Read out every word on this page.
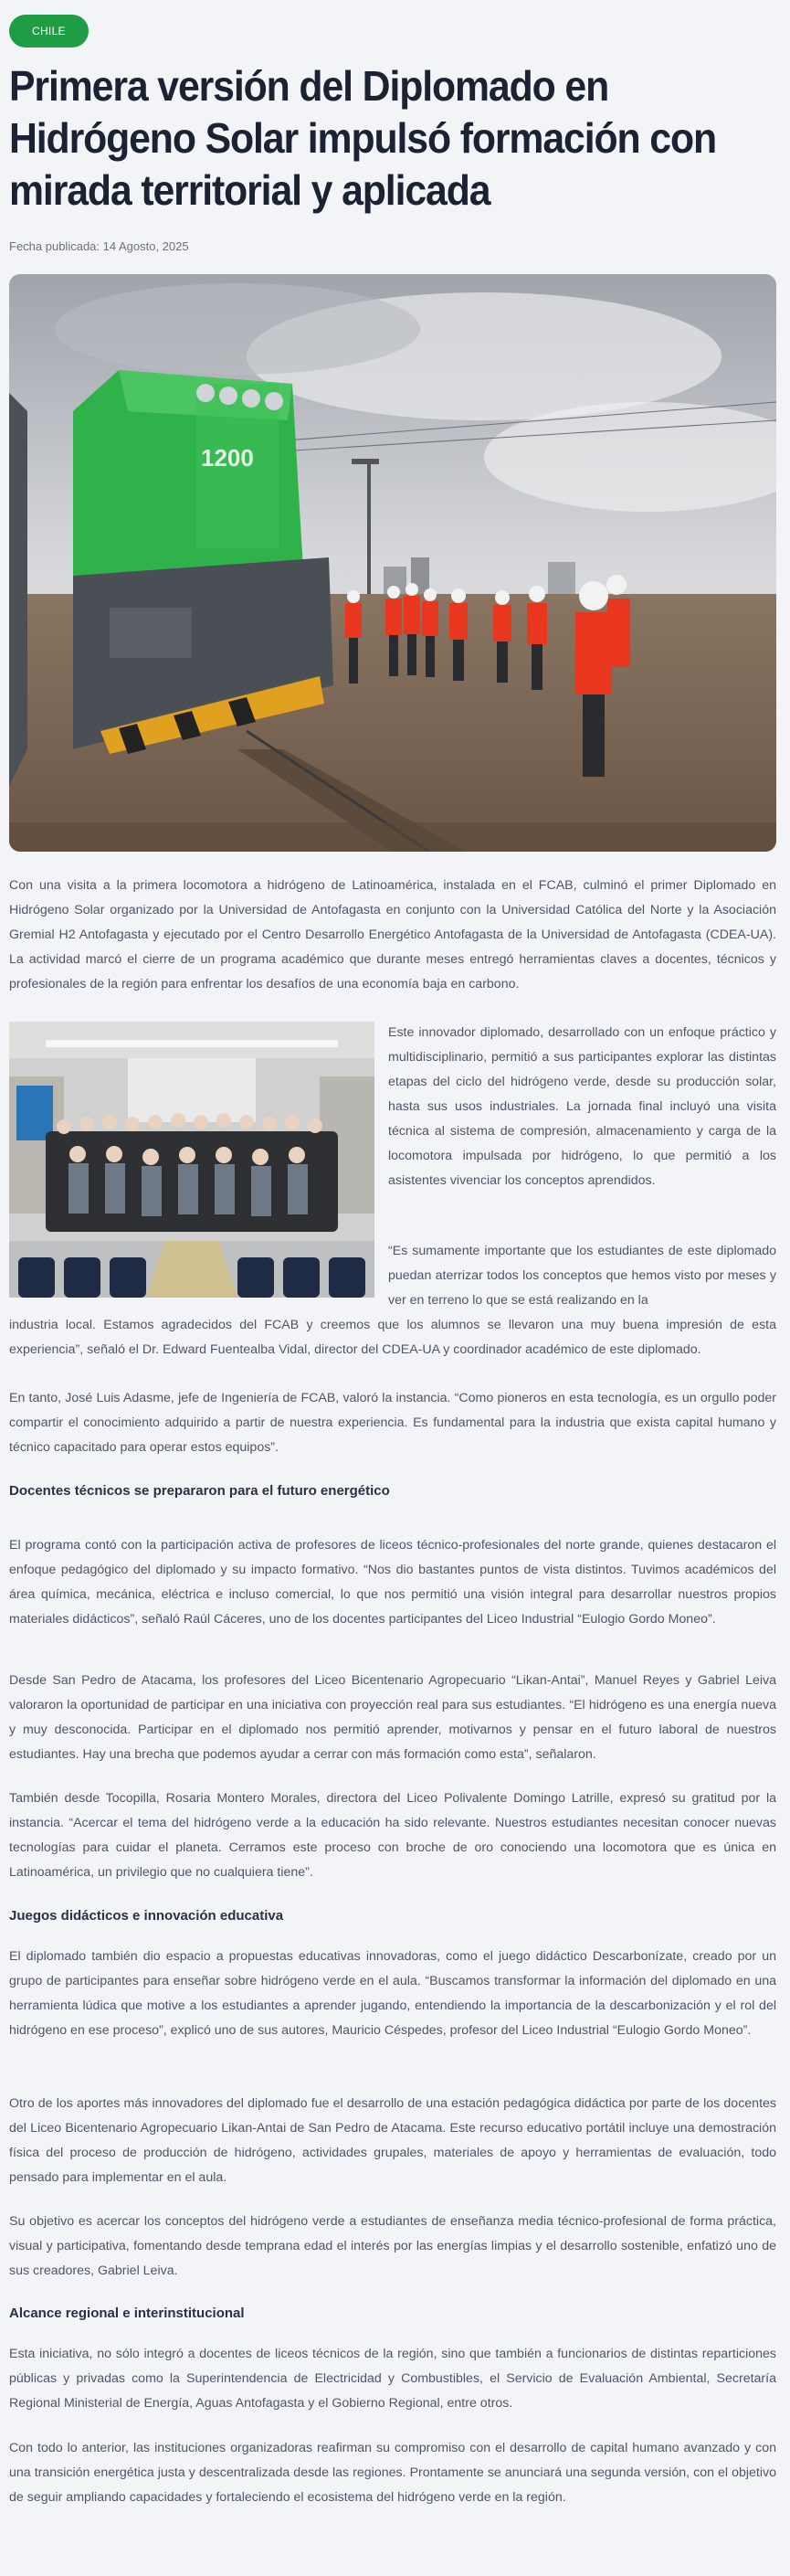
CHILE
Primera versión del Diplomado en Hidrógeno Solar impulsó formación con mirada territorial y aplicada
Fecha publicada: 14 Agosto, 2025
1200

Con una visita a la primera locomotora a hidrógeno de Latinoamérica, instalada en el FCAB, culminó el primer Diplomado en Hidrógeno Solar organizado por la Universidad de Antofagasta en conjunto con la Universidad Católica del Norte y la Asociación Gremial H2 Antofagasta y ejecutado por el Centro Desarrollo Energético Antofagasta de la Universidad de Antofagasta (CDEA-UA). La actividad marcó el cierre de un programa académico que durante meses entregó herramientas claves a docentes, técnicos y profesionales de la región para enfrentar los desafíos de una economía baja en carbono.

Este innovador diplomado, desarrollado con un enfoque práctico y multidisciplinario, permitió a sus participantes explorar las distintas etapas del ciclo del hidrógeno verde, desde su producción solar, hasta sus usos industriales. La jornada final incluyó una visita técnica al sistema de compresión, almacenamiento y carga de la locomotora impulsada por hidrógeno, lo que permitió a los asistentes vivenciar los conceptos aprendidos.

“Es sumamente importante que los estudiantes de este diplomado puedan aterrizar todos los conceptos que hemos visto por meses y ver en terreno lo que se está realizando en la

industria local. Estamos agradecidos del FCAB y creemos que los alumnos se llevaron una muy buena impresión de esta experiencia”, señaló el Dr. Edward Fuentealba Vidal, director del CDEA-UA y coordinador académico de este diplomado.

En tanto, José Luis Adasme, jefe de Ingeniería de FCAB, valoró la instancia. “Como pioneros en esta tecnología, es un orgullo poder compartir el conocimiento adquirido a partir de nuestra experiencia. Es fundamental para la industria que exista capital humano y técnico capacitado para operar estos equipos”.

Docentes técnicos se prepararon para el futuro energético

El programa contó con la participación activa de profesores de liceos técnico-profesionales del norte grande, quienes destacaron el enfoque pedagógico del diplomado y su impacto formativo. “Nos dio bastantes puntos de vista distintos. Tuvimos académicos del área química, mecánica, eléctrica e incluso comercial, lo que nos permitió una visión integral para desarrollar nuestros propios materiales didácticos”, señaló Raúl Cáceres, uno de los docentes participantes del Liceo Industrial “Eulogio Gordo Moneo”.

Desde San Pedro de Atacama, los profesores del Liceo Bicentenario Agropecuario “Likan-Antai”, Manuel Reyes y Gabriel Leiva valoraron la oportunidad de participar en una iniciativa con proyección real para sus estudiantes. “El hidrógeno es una energía nueva y muy desconocida. Participar en el diplomado nos permitió aprender, motivarnos y pensar en el futuro laboral de nuestros estudiantes. Hay una brecha que podemos ayudar a cerrar con más formación como esta”, señalaron.

También desde Tocopilla, Rosaria Montero Morales, directora del Liceo Polivalente Domingo Latrille, expresó su gratitud por la instancia. “Acercar el tema del hidrógeno verde a la educación ha sido relevante. Nuestros estudiantes necesitan conocer nuevas tecnologías para cuidar el planeta. Cerramos este proceso con broche de oro conociendo una locomotora que es única en Latinoamérica, un privilegio que no cualquiera tiene”.

Juegos didácticos e innovación educativa

El diplomado también dio espacio a propuestas educativas innovadoras, como el juego didáctico Descarbonízate, creado por un grupo de participantes para enseñar sobre hidrógeno verde en el aula. “Buscamos transformar la información del diplomado en una herramienta lúdica que motive a los estudiantes a aprender jugando, entendiendo la importancia de la descarbonización y el rol del hidrógeno en ese proceso”, explicó uno de sus autores, Mauricio Céspedes, profesor del Liceo Industrial “Eulogio Gordo Moneo”.

Otro de los aportes más innovadores del diplomado fue el desarrollo de una estación pedagógica didáctica por parte de los docentes del Liceo Bicentenario Agropecuario Likan-Antai de San Pedro de Atacama. Este recurso educativo portátil incluye una demostración física del proceso de producción de hidrógeno, actividades grupales, materiales de apoyo y herramientas de evaluación, todo pensado para implementar en el aula.

Su objetivo es acercar los conceptos del hidrógeno verde a estudiantes de enseñanza media técnico-profesional de forma práctica, visual y participativa, fomentando desde temprana edad el interés por las energías limpias y el desarrollo sostenible, enfatizó uno de sus creadores, Gabriel Leiva.

Alcance regional e interinstitucional

Esta iniciativa, no sólo integró a docentes de liceos técnicos de la región, sino que también a funcionarios de distintas reparticiones públicas y privadas como la Superintendencia de Electricidad y Combustibles, el Servicio de Evaluación Ambiental, Secretaría Regional Ministerial de Energía, Aguas Antofagasta y el Gobierno Regional, entre otros.

Con todo lo anterior, las instituciones organizadoras reafirman su compromiso con el desarrollo de capital humano avanzado y con una transición energética justa y descentralizada desde las regiones. Prontamente se anunciará una segunda versión, con el objetivo de seguir ampliando capacidades y fortaleciendo el ecosistema del hidrógeno verde en la región.
